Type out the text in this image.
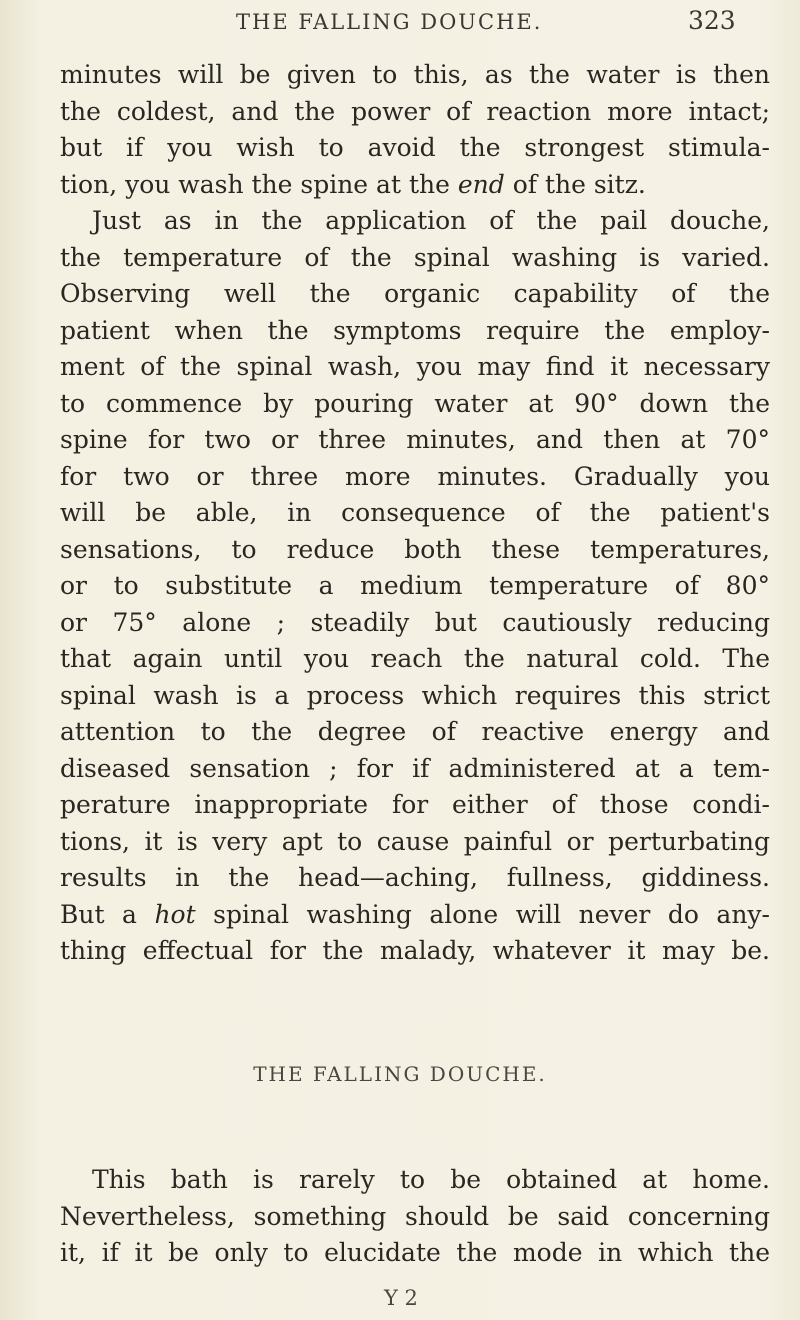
THE FALLING DOUCHE.	323
minutes will be given to this, as the water is then
the coldest, and the power of reaction more intact;
but if you wish to avoid the strongest stimula-
tion, you wash the spine at the end of the sitz.
Just as in the application of the pail douche,
the temperature of the spinal washing is varied.
Observing well the organic capability of the
patient when the symptoms require the employ-
ment of the spinal wash, you may find it necessary
to commence by pouring water at 90° down the
spine for two or three minutes, and then at 70°
for two or three more minutes. Gradually you
will be able, in consequence of the patient's
sensations, to reduce both these temperatures,
or to substitute a medium temperature of 80°
or 75° alone ; steadily but cautiously reducing
that again until you reach the natural cold. The
spinal wash is a process which requires this strict
attention to the degree of reactive energy and
diseased sensation ; for if administered at a tem-
perature inappropriate for either of those condi-
tions, it is very apt to cause painful or perturbating
results in the head—aching, fullness, giddiness.
But a hot spinal washing alone will never do any-
thing effectual for the malady, whatever it may be.
THE FALLING DOUCHE.
This bath is rarely to be obtained at home.
Nevertheless, something should be said concerning
it, if it be only to elucidate the mode in which the
Y 2
